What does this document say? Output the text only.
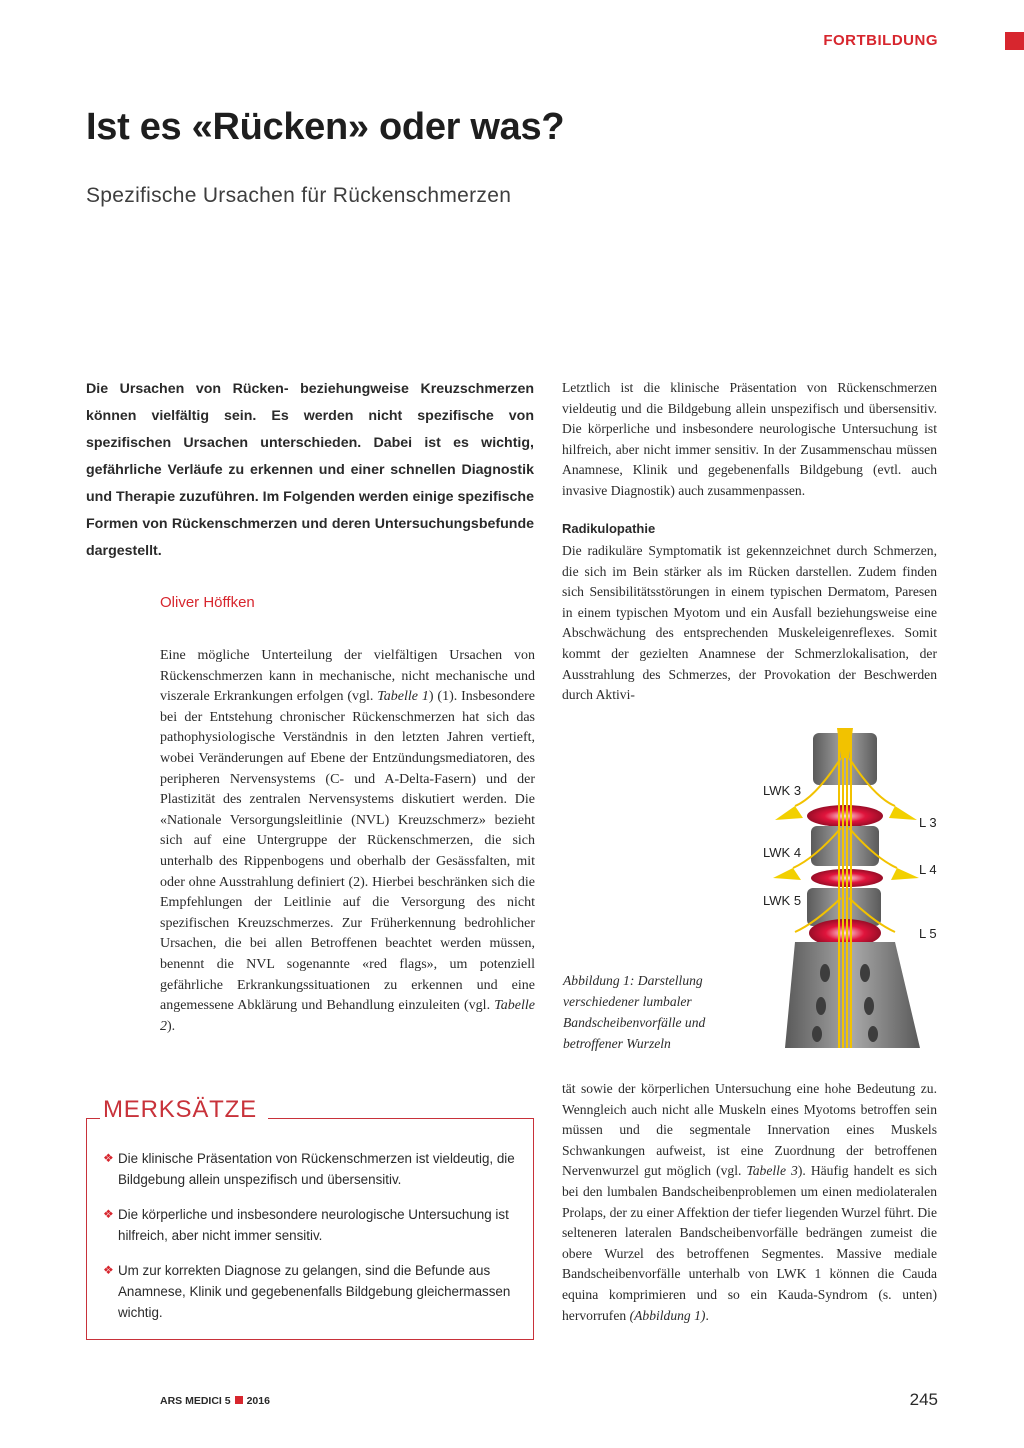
FORTBILDUNG
Ist es «Rücken» oder was?
Spezifische Ursachen für Rückenschmerzen

Die Ursachen von Rücken- beziehungweise Kreuzschmerzen können vielfältig sein. Es werden nicht spezifische von spezifischen Ursachen unterschieden. Dabei ist es wichtig, gefährliche Verläufe zu erkennen und einer schnellen Diagnostik und Therapie zuzuführen. Im Folgenden werden einige spezifische Formen von Rückenschmerzen und deren Untersuchungsbefunde dargestellt.

Oliver Höffken

Eine mögliche Unterteilung der vielfältigen Ursachen von Rückenschmerzen kann in mechanische, nicht mechanische und viszerale Erkrankungen erfolgen (vgl. Tabelle 1) (1). Insbesondere bei der Entstehung chronischer Rückenschmerzen hat sich das pathophysiologische Verständnis in den letzten Jahren vertieft, wobei Veränderungen auf Ebene der Entzündungsmediatoren, des peripheren Nervensystems (C- und A-Delta-Fasern) und der Plastizität des zentralen Nervensystems diskutiert werden. Die «Nationale Versorgungsleitlinie (NVL) Kreuzschmerz» bezieht sich auf eine Untergruppe der Rückenschmerzen, die sich unterhalb des Rippenbogens und oberhalb der Gesässfalten, mit oder ohne Ausstrahlung definiert (2). Hierbei beschränken sich die Empfehlungen der Leitlinie auf die Versorgung des nicht spezifischen Kreuzschmerzes. Zur Früherkennung bedrohlicher Ursachen, die bei allen Betroffenen beachtet werden müssen, benennt die NVL sogenannte «red flags», um potenziell gefährliche Erkrankungssituationen zu erkennen und eine angemessene Abklärung und Behandlung einzuleiten (vgl. Tabelle 2).

Letztlich ist die klinische Präsentation von Rückenschmerzen vieldeutig und die Bildgebung allein unspezifisch und übersensitiv. Die körperliche und insbesondere neurologische Untersuchung ist hilfreich, aber nicht immer sensitiv. In der Zusammenschau müssen Anamnese, Klinik und gegebenenfalls Bildgebung (evtl. auch invasive Diagnostik) auch zusammenpassen.

Radikulopathie

Die radikuläre Symptomatik ist gekennzeichnet durch Schmerzen, die sich im Bein stärker als im Rücken darstellen. Zudem finden sich Sensibilitätsstörungen in einem typischen Dermatom, Paresen in einem typischen Myotom und ein Ausfall beziehungsweise eine Abschwächung des entsprechenden Muskeleigenreflexes. Somit kommt der gezielten Anamnese der Schmerzlokalisation, der Ausstrahlung des Schmerzes, der Provokation der Beschwerden durch Aktivi-

LWK 3
LWK 4
LWK 5
L 3
L 4
L 5

Abbildung 1: Darstellung verschiedener lumbaler Bandscheibenvorfälle und betroffener Wurzeln

tät sowie der körperlichen Untersuchung eine hohe Bedeutung zu. Wenngleich auch nicht alle Muskeln eines Myotoms betroffen sein müssen und die segmentale Innervation eines Muskels Schwankungen aufweist, ist eine Zuordnung der betroffenen Nervenwurzel gut möglich (vgl. Tabelle 3). Häufig handelt es sich bei den lumbalen Bandscheibenproblemen um einen mediolateralen Prolaps, der zu einer Affektion der tiefer liegenden Wurzel führt. Die selteneren lateralen Bandscheibenvorfälle bedrängen zumeist die obere Wurzel des betroffenen Segmentes. Massive mediale Bandscheibenvorfälle unterhalb von LWK 1 können die Cauda equina komprimieren und so ein Kauda-Syndrom (s. unten) hervorrufen (Abbildung 1).

MERKSÄTZE
❖ Die klinische Präsentation von Rückenschmerzen ist vieldeutig, die Bildgebung allein unspezifisch und übersensitiv.
❖ Die körperliche und insbesondere neurologische Untersuchung ist hilfreich, aber nicht immer sensitiv.
❖ Um zur korrekten Diagnose zu gelangen, sind die Befunde aus Anamnese, Klinik und gegebenenfalls Bildgebung gleichermassen wichtig.
ARS MEDICI 5 2016	245
